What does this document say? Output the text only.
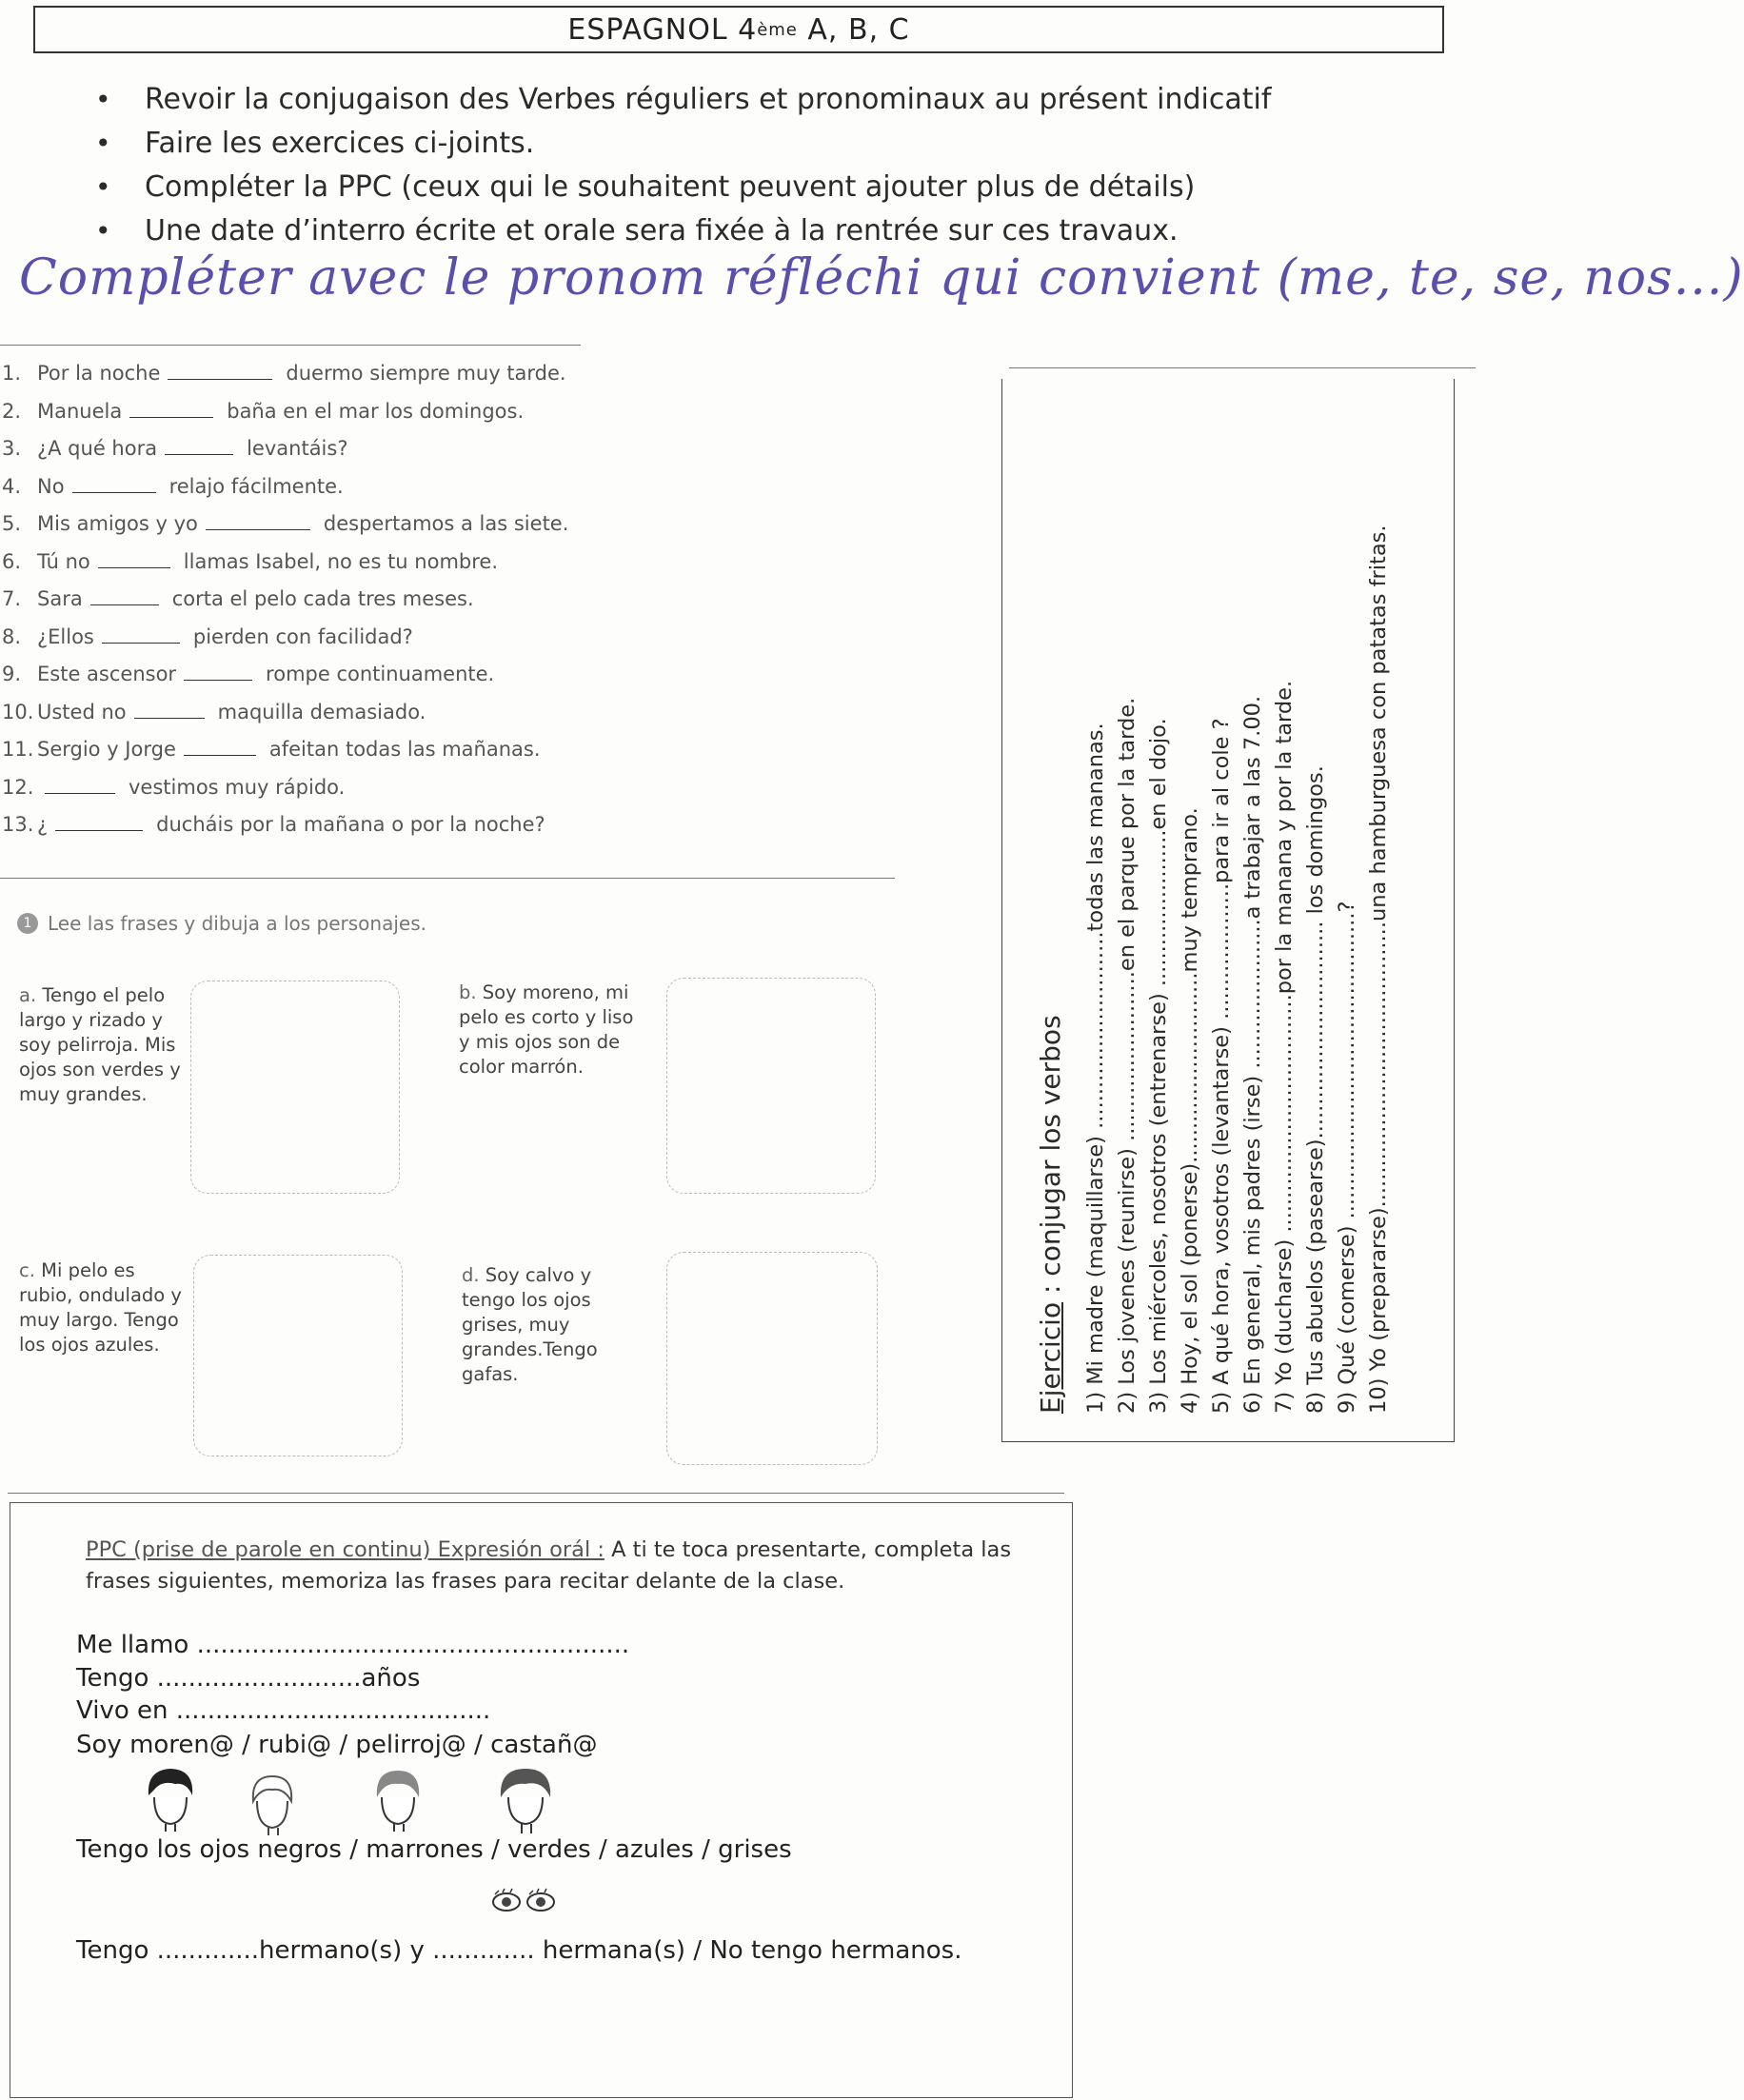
ESPAGNOL 4 ème A, B, C
• Revoir la conjugaison des Verbes réguliers et pronominaux au présent indicatif
• Faire les exercices ci-joints.
• Compléter la PPC (ceux qui le souhaitent peuvent ajouter plus de détails)
• Une date d’interro écrite et orale sera fixée à la rentrée sur ces travaux.
Compléter avec le pronom réfléchi qui convient (me, te, se, nos...)
1. Por la noche	duermo siempre muy tarde.
2. Manuela	baña en el mar los domingos.
3. ¿A qué hora	levantáis?
4. No	relajo fácilmente.
5. Mis amigos y yo	despertamos a las siete.
6. Tú no	llamas Isabel, no es tu nombre.
7. Sara	corta el pelo cada tres meses.
8. ¿Ellos	pierden con facilidad?
9. Este ascensor	rompe continuamente.
10. Usted no	maquilla demasiado.
11. Sergio y Jorge	afeitan todas las mañanas.
12.	vestimos muy rápido.
13. ¿	ducháis por la mañana o por la noche?
1 Lee las frases y dibuja a los personajes.
a. Tengo el pelo largo y rizado y soy pelirroja. Mis ojos son verdes y muy grandes.
b. Soy moreno, mi pelo es corto y liso y mis ojos son de color marrón.
c. Mi pelo es rubio, ondulado y muy largo. Tengo los ojos azules.
d. Soy calvo y tengo los ojos grises, muy grandes.Tengo gafas.	Ejercicio : conjugar los verbos 1) Mi madre (maquillarse) .............................todas las mananas. 2) Los jovenes (reunirse) .........................en el parque por la tarde. 3) Los miércoles, nosotros (entrenarse) .......................en el dojo. 4) Hoy, el sol (ponerse)............................muy temprano. 5) A qué hora, vosotros (levantarse) ....................para ir al cole ? 6) En general, mis padres (irse) ......................a trabajar a las 7.00. 7) Yo (ducharse) ...................................por la manana y por la tarde. 8) Tus abuelos (pasearse)................................ los domingos. 9) Qué (comerse) .............................................? 10) Yo (prepararse)..........................................una hamburguesa con patatas fritas.
PPC (prise de parole en continu) Expresión orál : A ti te toca presentarte, completa las frases siguientes, memoriza las frases para recitar delante de la clase.
Me llamo .......................................................
Tengo ..........................años
Vivo en ........................................
Soy moren@ / rubi@ / pelirroj@ / castañ@
Tengo los ojos negros / marrones / verdes / azules / grises
Tengo .............hermano(s) y ............. hermana(s) / No tengo hermanos.
